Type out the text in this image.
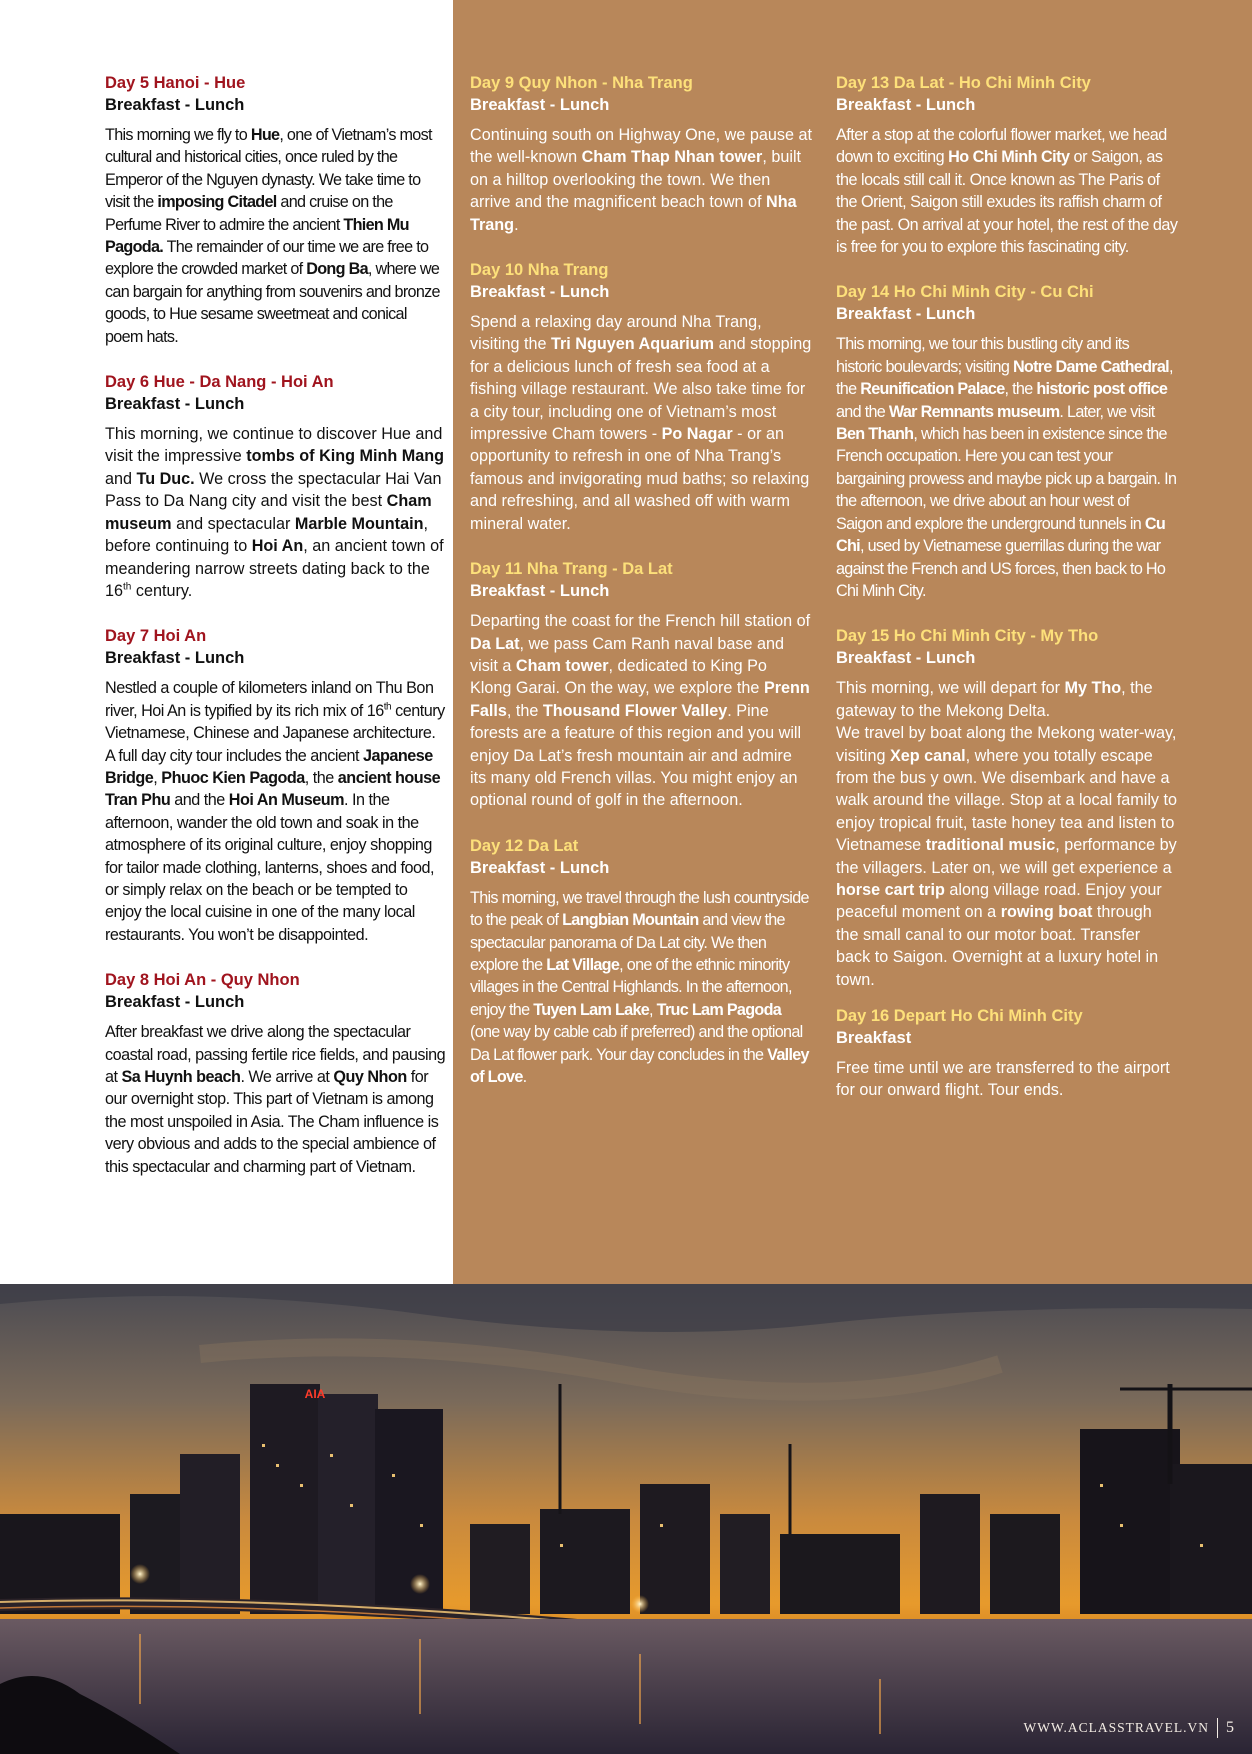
Day 5 Hanoi - Hue
Breakfast - Lunch

This morning we fly to Hue, one of Vietnam’s most cultural and historical cities, once ruled by the Emperor of the Nguyen dynasty. We take time to visit the imposing Citadel and cruise on the Perfume River to admire the ancient Thien Mu Pagoda. The remainder of our time we are free to explore the crowded market of Dong Ba, where we can bargain for anything from souvenirs and bronze goods, to Hue sesame sweetmeat and conical poem hats.

Day 6 Hue - Da Nang - Hoi An
Breakfast - Lunch

This morning, we continue to discover Hue and visit the impressive tombs of King Minh Mang and Tu Duc. We cross the spectacular Hai Van Pass to Da Nang city and visit the best Cham museum and spectacular Marble Mountain, before continuing to Hoi An, an ancient town of meandering narrow streets dating back to the 16th century.

Day 7 Hoi An
Breakfast - Lunch

Nestled a couple of kilometers inland on Thu Bon river, Hoi An is typified by its rich mix of 16th century Vietnamese, Chinese and Japanese architecture. A full day city tour includes the ancient Japanese Bridge, Phuoc Kien Pagoda, the ancient house Tran Phu and the Hoi An Museum. In the afternoon, wander the old town and soak in the atmosphere of its original culture, enjoy shopping for tailor made clothing, lanterns, shoes and food, or simply relax on the beach or be tempted to enjoy the local cuisine in one of the many local restaurants. You won’t be disappointed.

Day 8 Hoi An - Quy Nhon
Breakfast - Lunch

After breakfast we drive along the spectacular coastal road, passing fertile rice fields, and pausing at Sa Huynh beach. We arrive at Quy Nhon for our overnight stop. This part of Vietnam is among the most unspoiled in Asia. The Cham influence is very obvious and adds to the special ambience of this spectacular and charming part of Vietnam.

Day 9 Quy Nhon - Nha Trang
Breakfast - Lunch

Continuing south on Highway One, we pause at the well-known Cham Thap Nhan tower, built on a hilltop overlooking the town. We then arrive and the magnificent beach town of Nha Trang.

Day 10 Nha Trang
Breakfast - Lunch

Spend a relaxing day around Nha Trang, visiting the Tri Nguyen Aquarium and stopping for a delicious lunch of fresh sea food at a fishing village restaurant. We also take time for a city tour, including one of Vietnam’s most impressive Cham towers - Po Nagar - or an opportunity to refresh in one of Nha Trang’s famous and invigorating mud baths; so relaxing and refreshing, and all washed off with warm mineral water.

Day 11 Nha Trang - Da Lat
Breakfast - Lunch

Departing the coast for the French hill station of Da Lat, we pass Cam Ranh naval base and visit a Cham tower, dedicated to King Po Klong Garai. On the way, we explore the Prenn Falls, the Thousand Flower Valley. Pine forests are a feature of this region and you will enjoy Da Lat’s fresh mountain air and admire its many old French villas. You might enjoy an optional round of golf in the afternoon.

Day 12 Da Lat
Breakfast - Lunch

This morning, we travel through the lush countryside to the peak of Langbian Mountain and view the spectacular panorama of Da Lat city. We then explore the Lat Village, one of the ethnic minority villages in the Central Highlands. In the afternoon, enjoy the Tuyen Lam Lake, Truc Lam Pagoda (one way by cable cab if preferred) and the optional Da Lat flower park. Your day concludes in the Valley of Love.

Day 13 Da Lat - Ho Chi Minh City
Breakfast - Lunch

After a stop at the colorful flower market, we head down to exciting Ho Chi Minh City or Saigon, as the locals still call it. Once known as The Paris of the Orient, Saigon still exudes its raffish charm of the past. On arrival at your hotel, the rest of the day is free for you to explore this fascinating city.

Day 14 Ho Chi Minh City - Cu Chi
Breakfast - Lunch

This morning, we tour this bustling city and its historic boulevards; visiting Notre Dame Cathedral, the Reunification Palace, the historic post office and the War Remnants museum. Later, we visit Ben Thanh, which has been in existence since the French occupation. Here you can test your bargaining prowess and maybe pick up a bargain. In the afternoon, we drive about an hour west of Saigon and explore the underground tunnels in Cu Chi, used by Vietnamese guerrillas during the war against the French and US forces, then back to Ho Chi Minh City.

Day 15 Ho Chi Minh City - My Tho
Breakfast - Lunch

This morning, we will depart for My Tho, the gateway to the Mekong Delta.
We travel by boat along the Mekong water-way, visiting Xep canal, where you totally escape from the bus y own. We disembark and have a walk around the village. Stop at a local family to enjoy tropical fruit, taste honey tea and listen to Vietnamese traditional music, performance by the villagers. Later on, we will get experience a horse cart trip along village road. Enjoy your peaceful moment on a rowing boat through the small canal to our motor boat. Transfer back to Saigon. Overnight at a luxury hotel in town.

Day 16 Depart Ho Chi Minh City
Breakfast

Free time until we are transferred to the airport for our onward flight. Tour ends.

AIA
WWW.ACLASSTRAVEL.VN 5
